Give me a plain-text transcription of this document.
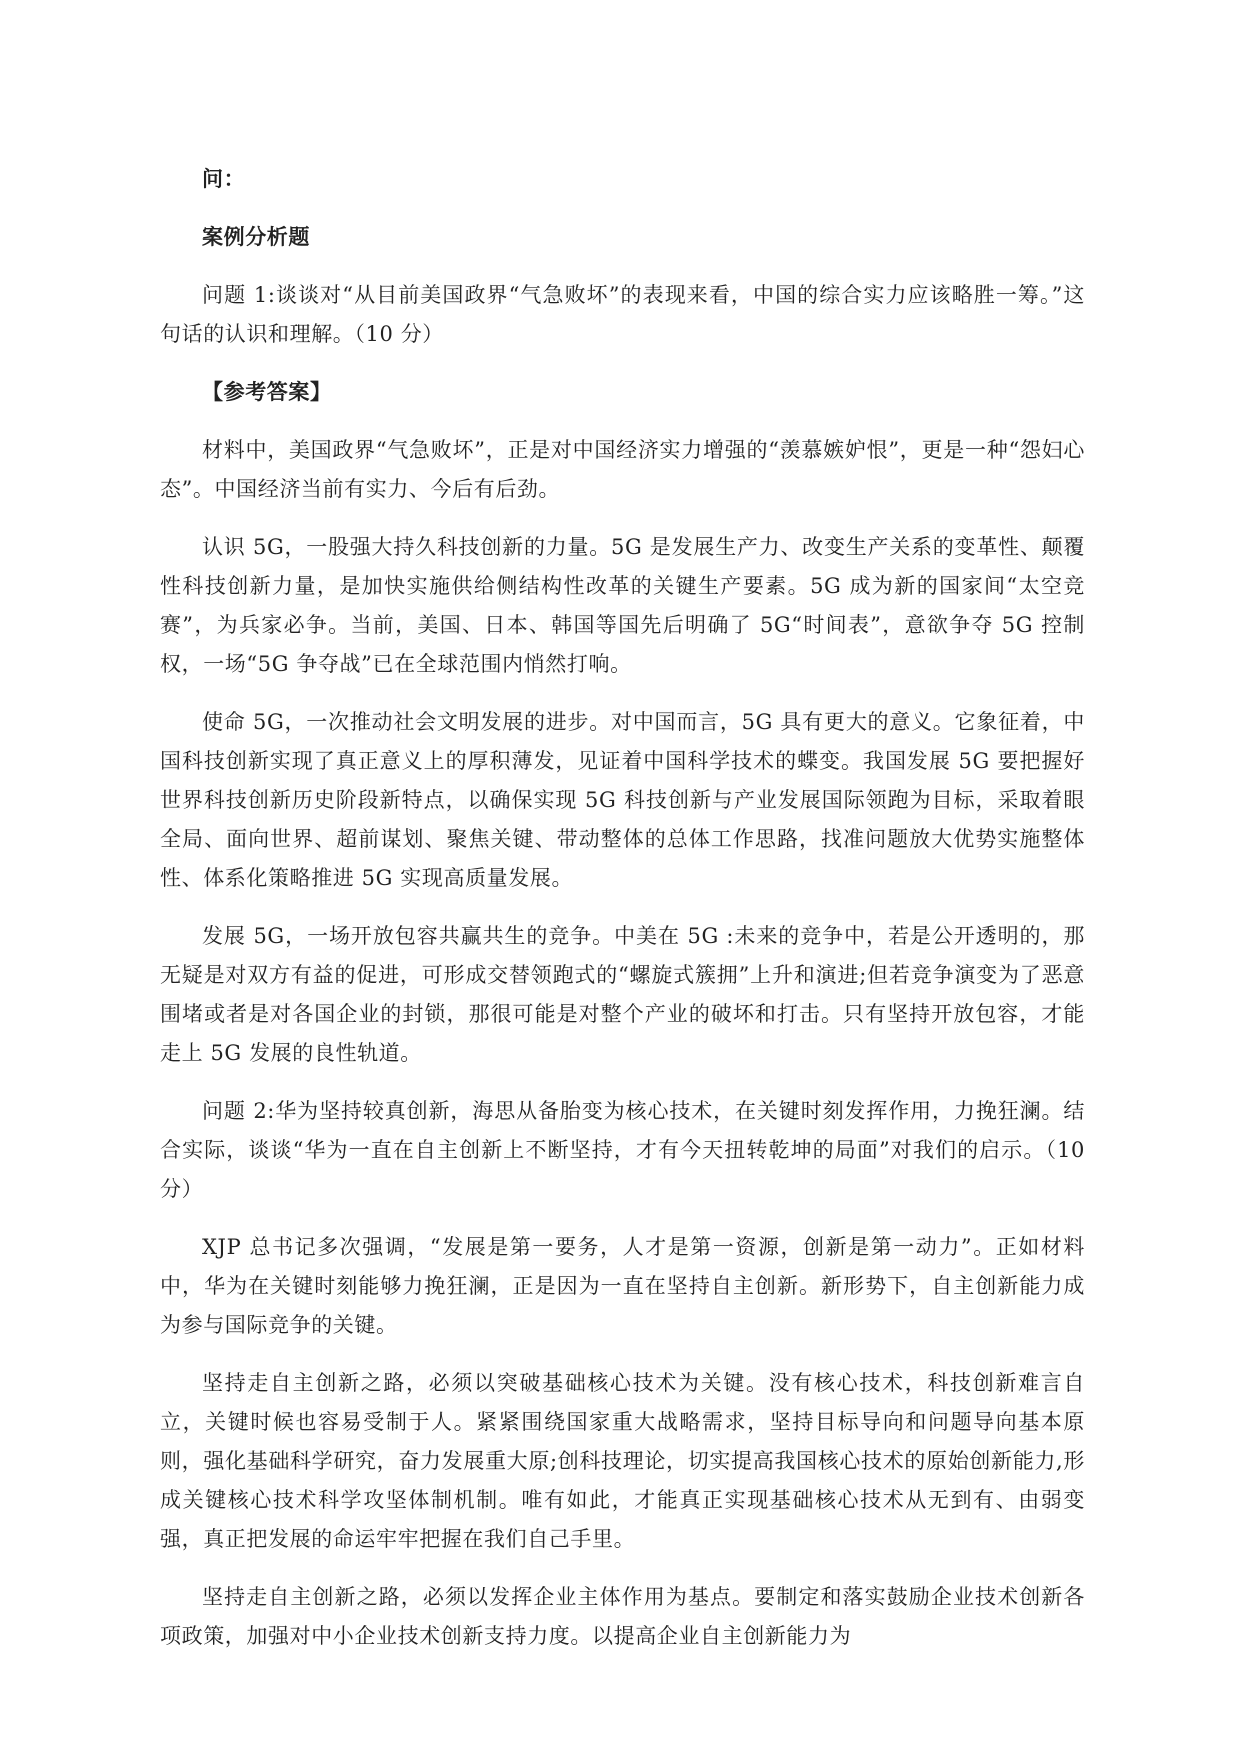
问：

案例分析题

问题 1:谈谈对“从目前美国政界“气急败坏”的表现来看，中国的综合实力应该略胜一筹。”这句话的认识和理解。（10 分）

【参考答案】

材料中，美国政界“气急败坏”，正是对中国经济实力增强的“羡慕嫉妒恨”，更是一种“怨妇心态”。中国经济当前有实力、今后有后劲。

认识 5G，一股强大持久科技创新的力量。5G 是发展生产力、改变生产关系的变革性、颠覆性科技创新力量，是加快实施供给侧结构性改革的关键生产要素。5G 成为新的国家间“太空竞赛”，为兵家必争。当前，美国、日本、韩国等国先后明确了 5G“时间表”，意欲争夺 5G 控制权，一场“5G 争夺战”已在全球范围内悄然打响。

使命 5G，一次推动社会文明发展的进步。对中国而言，5G 具有更大的意义。它象征着，中国科技创新实现了真正意义上的厚积薄发，见证着中国科学技术的蝶变。我国发展 5G 要把握好世界科技创新历史阶段新特点，以确保实现 5G 科技创新与产业发展国际领跑为目标，采取着眼全局、面向世界、超前谋划、聚焦关键、带动整体的总体工作思路，找准问题放大优势实施整体性、体系化策略推进 5G 实现高质量发展。

发展 5G，一场开放包容共赢共生的竞争。中美在 5G :未来的竞争中，若是公开透明的，那无疑是对双方有益的促进，可形成交替领跑式的“螺旋式簇拥”上升和演进;但若竞争演变为了恶意围堵或者是对各国企业的封锁，那很可能是对整个产业的破坏和打击。只有坚持开放包容，才能走上 5G 发展的良性轨道。

问题 2:华为坚持较真创新，海思从备胎变为核心技术，在关键时刻发挥作用，力挽狂澜。结合实际，谈谈“华为一直在自主创新上不断坚持，才有今天扭转乾坤的局面”对我们的启示。（10 分）

XJP 总书记多次强调，“发展是第一要务，人才是第一资源，创新是第一动力”。正如材料中，华为在关键时刻能够力挽狂澜，正是因为一直在坚持自主创新。新形势下，自主创新能力成为参与国际竞争的关键。

坚持走自主创新之路，必须以突破基础核心技术为关键。没有核心技术，科技创新难言自立，关键时候也容易受制于人。紧紧围绕国家重大战略需求，坚持目标导向和问题导向基本原则，强化基础科学研究，奋力发展重大原;创科技理论，切实提高我国核心技术的原始创新能力,形成关键核心技术科学攻坚体制机制。唯有如此，才能真正实现基础核心技术从无到有、由弱变强，真正把发展的命运牢牢把握在我们自己手里。

坚持走自主创新之路，必须以发挥企业主体作用为基点。要制定和落实鼓励企业技术创新各项政策，加强对中小企业技术创新支持力度。以提高企业自主创新能力为
